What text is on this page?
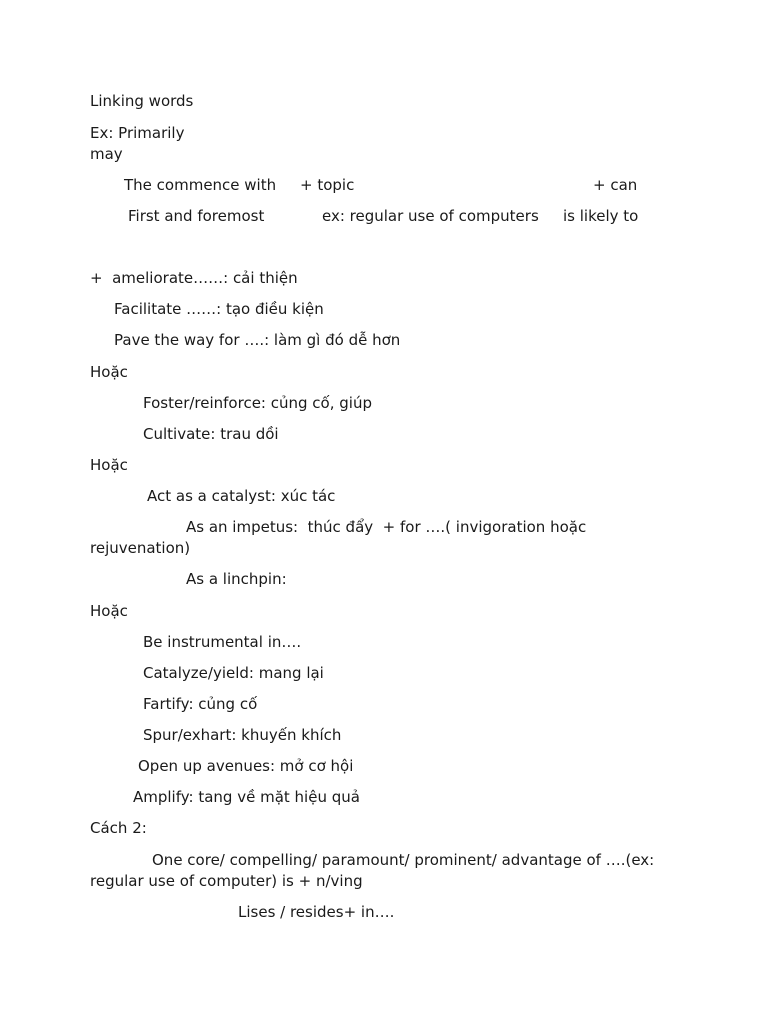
Linking words
Ex: Primarily
may
The commence with + topic	+ can
First and foremost	ex: regular use of computers is likely to
+  ameliorate……: cải thiện
Facilitate ……: tạo điều kiện
Pave the way for ….: làm gì đó dễ hơn
Hoặc
Foster/reinforce: củng cố, giúp
Cultivate: trau dồi
Hoặc
Act as a catalyst: xúc tác
As an impetus:  thúc đẩy  + for ….( invigoration hoặc
rejuvenation)
As a linchpin:
Hoặc
Be instrumental in….
Catalyze/yield: mang lại
Fartify: củng cố
Spur/exhart: khuyến khích
Open up avenues: mở cơ hội
Amplify: tang về mặt hiệu quả
Cách 2:
One core/ compelling/ paramount/ prominent/ advantage of ….(ex:
regular use of computer) is + n/ving
Lises / resides+ in….
